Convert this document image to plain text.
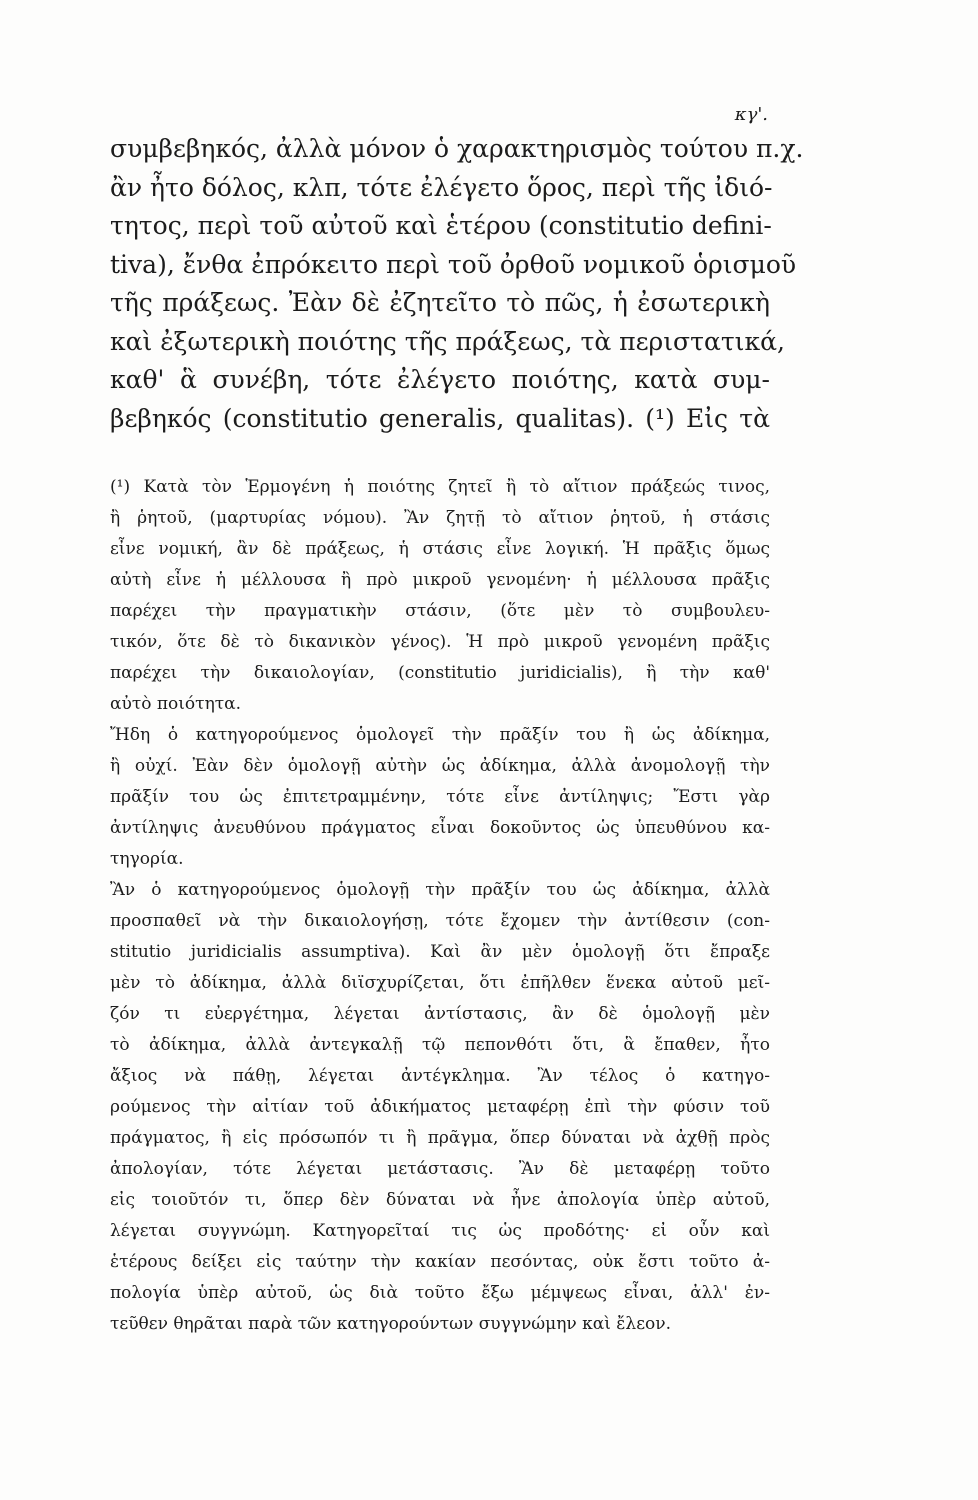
κγ'.
συμβεβηκός, ἀλλὰ μόνον ὁ χαρακτηρισμὸς τούτου π.χ.
ἂν ἦτο δόλος, κλπ, τότε ἐλέγετο ὅρος, περὶ τῆς ἰδιό-
τητος, περὶ τοῦ αὐτοῦ καὶ ἑτέρου (constitutio defini-
tiva), ἔνθα ἐπρόκειτο περὶ τοῦ ὀρθοῦ νομικοῦ ὁρισμοῦ
τῆς πράξεως. Ἐὰν δὲ ἐζητεῖτο τὸ πῶς, ἡ ἐσωτερικὴ
καὶ ἐξωτερικὴ ποιότης τῆς πράξεως, τὰ περιστατικά,
καθ' ἃ συνέβη, τότε ἐλέγετο ποιότης, κατὰ συμ-
βεβηκός (constitutio generalis, qualitas). (¹) Εἰς τὰ
(¹) Κατὰ τὸν Ἑρμογένη ἡ ποιότης ζητεῖ ἢ τὸ αἴτιον πράξεώς τινος,
ἢ ῥητοῦ, (μαρτυρίας νόμου). Ἂν ζητῇ τὸ αἴτιον ῥητοῦ, ἡ στάσις
εἶνε νομική, ἂν δὲ πράξεως, ἡ στάσις εἶνε λογική. Ἡ πρᾶξις ὅμως
αὐτὴ εἶνε ἡ μέλλουσα ἢ πρὸ μικροῦ γενομένη· ἡ μέλλουσα πρᾶξις
παρέχει τὴν πραγματικὴν στάσιν, (ὅτε μὲν τὸ συμβουλευ-
τικόν, ὅτε δὲ τὸ δικανικὸν γένος). Ἡ πρὸ μικροῦ γενομένη πρᾶξις
παρέχει τὴν δικαιολογίαν, (constitutio juridicialis), ἢ τὴν καθ'
αὐτὸ ποιότητα.
Ἤδη ὁ κατηγορούμενος ὁμολογεῖ τὴν πρᾶξίν του ἢ ὡς ἀδίκημα,
ἢ οὐχί. Ἐὰν δὲν ὁμολογῇ αὐτὴν ὡς ἀδίκημα, ἀλλὰ ἀνομολογῇ τὴν
πρᾶξίν του ὡς ἐπιτετραμμένην, τότε εἶνε ἀντίληψις; Ἔστι γὰρ
ἀντίληψις ἀνευθύνου πράγματος εἶναι δοκοῦντος ὡς ὑπευθύνου κα-
τηγορία.
Ἂν ὁ κατηγορούμενος ὁμολογῇ τὴν πρᾶξίν του ὡς ἀδίκημα, ἀλλὰ
προσπαθεῖ νὰ τὴν δικαιολογήσῃ, τότε ἔχομεν τὴν ἀντίθεσιν (con-
stitutio juridicialis assumptiva). Καὶ ἂν μὲν ὁμολογῇ ὅτι ἔπραξε
μὲν τὸ ἀδίκημα, ἀλλὰ διϊσχυρίζεται, ὅτι ἐπῆλθεν ἕνεκα αὐτοῦ μεῖ-
ζόν τι εὐεργέτημα, λέγεται ἀντίστασις, ἂν δὲ ὁμολογῇ μὲν
τὸ ἀδίκημα, ἀλλὰ ἀντεγκαλῇ τῷ πεπονθότι ὅτι, ἃ ἔπαθεν, ἦτο
ἄξιος νὰ πάθῃ, λέγεται ἀντέγκλημα. Ἂν τέλος ὁ κατηγο-
ρούμενος τὴν αἰτίαν τοῦ ἀδικήματος μεταφέρῃ ἐπὶ τὴν φύσιν τοῦ
πράγματος, ἢ εἰς πρόσωπόν τι ἢ πρᾶγμα, ὅπερ δύναται νὰ ἀχθῇ πρὸς
ἀπολογίαν, τότε λέγεται μετάστασις. Ἂν δὲ μεταφέρῃ τοῦτο
εἰς τοιοῦτόν τι, ὅπερ δὲν δύναται νὰ ἦνε ἀπολογία ὑπὲρ αὐτοῦ,
λέγεται συγγνώμη. Κατηγορεῖταί τις ὡς προδότης· εἰ οὖν καὶ
ἑτέρους δείξει εἰς ταύτην τὴν κακίαν πεσόντας, οὐκ ἔστι τοῦτο ἀ-
πολογία ὑπὲρ αὐτοῦ, ὡς διὰ τοῦτο ἔξω μέμψεως εἶναι, ἀλλ' ἐν-
τεῦθεν θηρᾶται παρὰ τῶν κατηγορούντων συγγνώμην καὶ ἔλεον.
